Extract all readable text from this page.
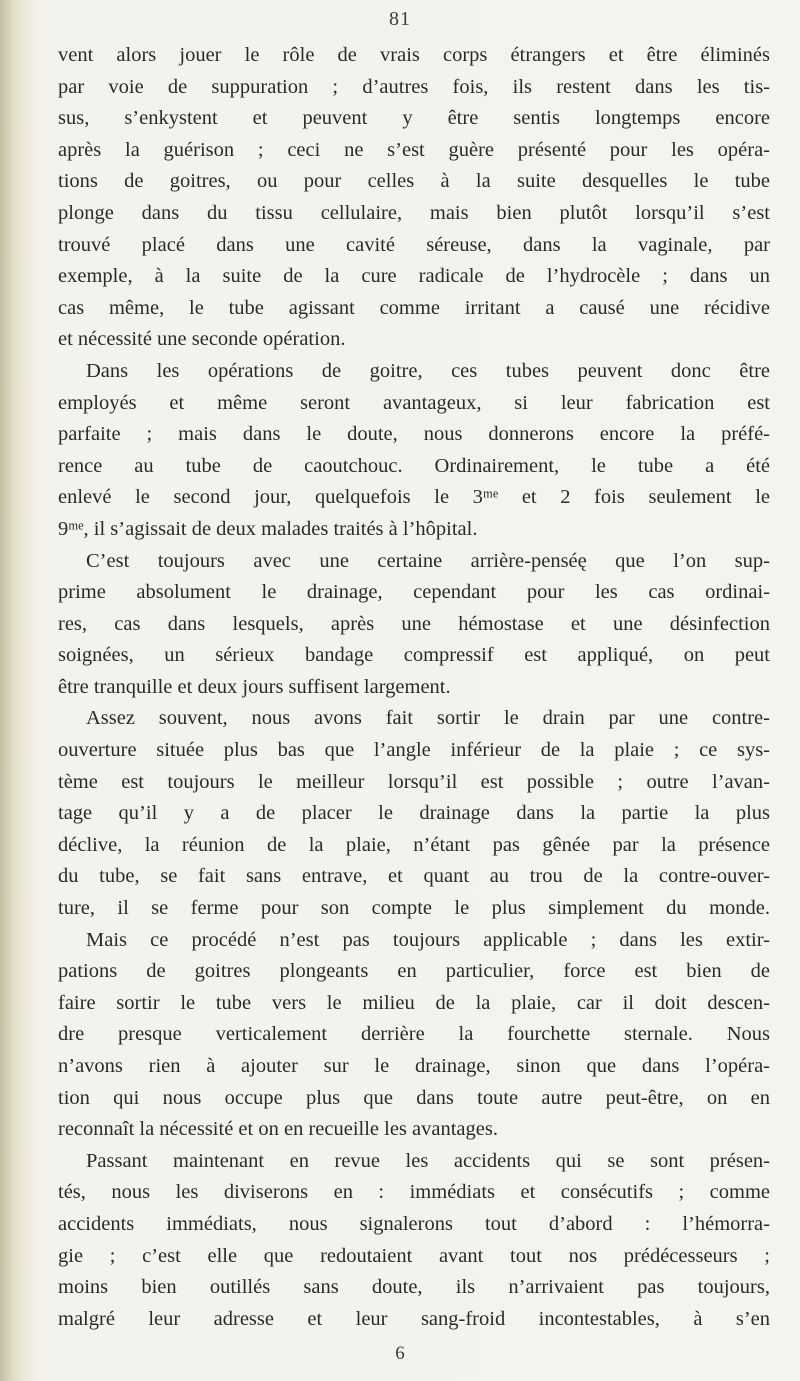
81
vent alors jouer le rôle de vrais corps étrangers et être éliminés
par voie de suppuration ; d’autres fois, ils restent dans les tis-
sus, s’enkystent et peuvent y être sentis longtemps encore
après la guérison ; ceci ne s’est guère présenté pour les opéra-
tions de goitres, ou pour celles à la suite desquelles le tube
plonge dans du tissu cellulaire, mais bien plutôt lorsqu’il s’est
trouvé placé dans une cavité séreuse, dans la vaginale, par
exemple, à la suite de la cure radicale de l’hydrocèle ; dans un
cas même, le tube agissant comme irritant a causé une récidive
et nécessité une seconde opération.
Dans les opérations de goitre, ces tubes peuvent donc être
employés et même seront avantageux, si leur fabrication est
parfaite ; mais dans le doute, nous donnerons encore la préfé-
rence au tube de caoutchouc. Ordinairement, le tube a été
enlevé le second jour, quelquefois le 3ᵐᵉ et 2 fois seulement le
9ᵐᵉ, il s’agissait de deux malades traités à l’hôpital.
C’est toujours avec une certaine arrière-penséę que l’on sup-
prime absolument le drainage, cependant pour les cas ordinai-
res, cas dans lesquels, après une hémostase et une désinfection
soignées, un sérieux bandage compressif est appliqué, on peut
être tranquille et deux jours suffisent largement.
Assez souvent, nous avons fait sortir le drain par une contre-
ouverture située plus bas que l’angle inférieur de la plaie ; ce sys-
tème est toujours le meilleur lorsqu’il est possible ; outre l’avan-
tage qu’il y a de placer le drainage dans la partie la plus
déclive, la réunion de la plaie, n’étant pas gênée par la présence
du tube, se fait sans entrave, et quant au trou de la contre-ouver-
ture, il se ferme pour son compte le plus simplement du monde.
Mais ce procédé n’est pas toujours applicable ; dans les extir-
pations de goitres plongeants en particulier, force est bien de
faire sortir le tube vers le milieu de la plaie, car il doit descen-
dre presque verticalement derrière la fourchette sternale. Nous
n’avons rien à ajouter sur le drainage, sinon que dans l’opéra-
tion qui nous occupe plus que dans toute autre peut-être, on en
reconnaît la nécessité et on en recueille les avantages.
Passant maintenant en revue les accidents qui se sont présen-
tés, nous les diviserons en : immédiats et consécutifs ; comme
accidents immédiats, nous signalerons tout d’abord : l’hémorra-
gie ; c’est elle que redoutaient avant tout nos prédécesseurs ;
moins bien outillés sans doute, ils n’arrivaient pas toujours,
malgré leur adresse et leur sang-froid incontestables, à s’en
6
